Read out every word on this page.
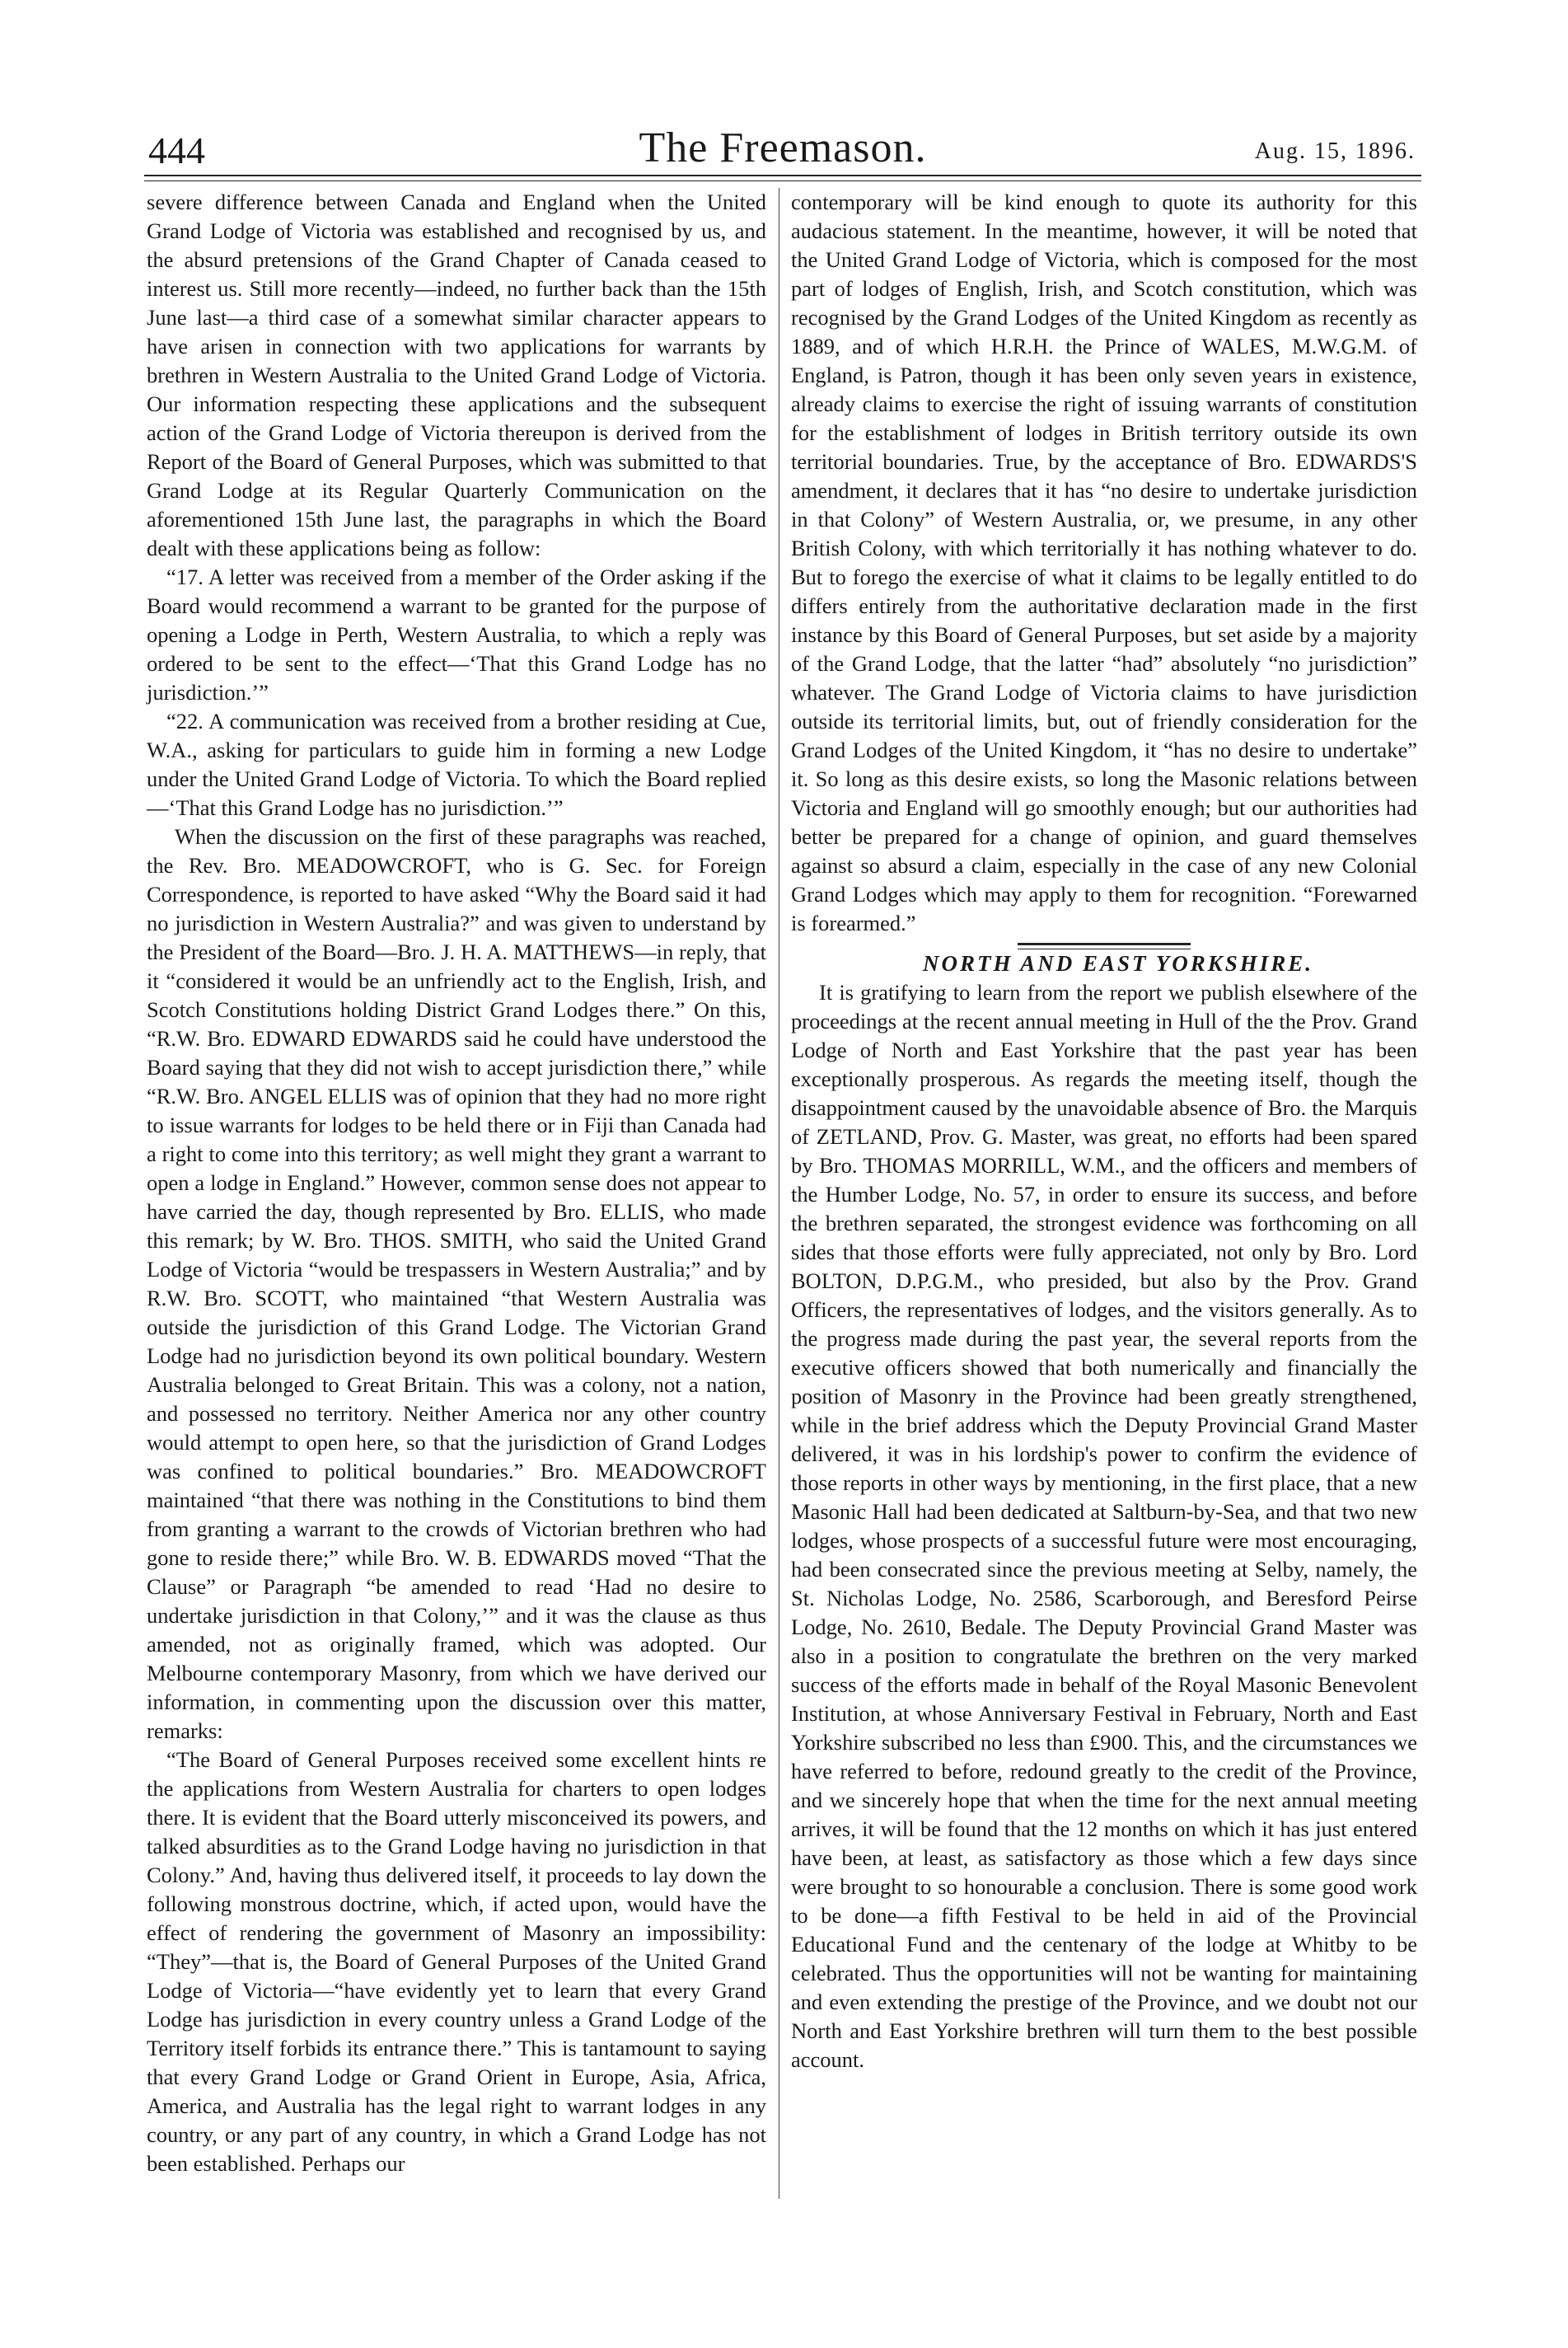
444	The Freemason.	Aug. 15, 1896.

severe difference between Canada and England when the United Grand Lodge of Victoria was established and recognised by us, and the absurd pretensions of the Grand Chapter of Canada ceased to interest us. Still more recently—indeed, no further back than the 15th June last—a third case of a somewhat similar character appears to have arisen in connection with two applications for warrants by brethren in Western Australia to the United Grand Lodge of Victoria. Our information respecting these applications and the subsequent action of the Grand Lodge of Victoria thereupon is derived from the Report of the Board of General Purposes, which was submitted to that Grand Lodge at its Regular Quarterly Communication on the aforementioned 15th June last, the paragraphs in which the Board dealt with these applications being as follow:

“17. A letter was received from a member of the Order asking if the Board would recommend a warrant to be granted for the purpose of opening a Lodge in Perth, Western Australia, to which a reply was ordered to be sent to the effect—‘That this Grand Lodge has no jurisdiction.’”

“22. A communication was received from a brother residing at Cue, W.A., asking for particulars to guide him in forming a new Lodge under the United Grand Lodge of Victoria. To which the Board replied—‘That this Grand Lodge has no jurisdiction.’”

When the discussion on the first of these paragraphs was reached, the Rev. Bro. MEADOWCROFT, who is G. Sec. for Foreign Correspondence, is reported to have asked “Why the Board said it had no jurisdiction in Western Australia?” and was given to understand by the President of the Board—Bro. J. H. A. MATTHEWS—in reply, that it “considered it would be an unfriendly act to the English, Irish, and Scotch Constitutions holding District Grand Lodges there.” On this, “R.W. Bro. EDWARD EDWARDS said he could have understood the Board saying that they did not wish to accept jurisdiction there,” while “R.W. Bro. ANGEL ELLIS was of opinion that they had no more right to issue warrants for lodges to be held there or in Fiji than Canada had a right to come into this territory; as well might they grant a warrant to open a lodge in England.” However, common sense does not appear to have carried the day, though represented by Bro. ELLIS, who made this remark; by W. Bro. THOS. SMITH, who said the United Grand Lodge of Victoria “would be trespassers in Western Australia;” and by R.W. Bro. SCOTT, who maintained “that Western Australia was outside the jurisdiction of this Grand Lodge. The Victorian Grand Lodge had no jurisdiction beyond its own political boundary. Western Australia belonged to Great Britain. This was a colony, not a nation, and possessed no territory. Neither America nor any other country would attempt to open here, so that the jurisdiction of Grand Lodges was confined to political boundaries.” Bro. MEADOWCROFT maintained “that there was nothing in the Constitutions to bind them from granting a warrant to the crowds of Victorian brethren who had gone to reside there;” while Bro. W. B. EDWARDS moved “That the Clause” or Paragraph “be amended to read ‘Had no desire to undertake jurisdiction in that Colony,’” and it was the clause as thus amended, not as originally framed, which was adopted. Our Melbourne contemporary Masonry, from which we have derived our information, in commenting upon the discussion over this matter, remarks:

“The Board of General Purposes received some excellent hints re the applications from Western Australia for charters to open lodges there. It is evident that the Board utterly misconceived its powers, and talked absurdities as to the Grand Lodge having no jurisdiction in that Colony.” And, having thus delivered itself, it proceeds to lay down the following monstrous doctrine, which, if acted upon, would have the effect of rendering the government of Masonry an impossibility: “They”—that is, the Board of General Purposes of the United Grand Lodge of Victoria—“have evidently yet to learn that every Grand Lodge has jurisdiction in every country unless a Grand Lodge of the Territory itself forbids its entrance there.” This is tantamount to saying that every Grand Lodge or Grand Orient in Europe, Asia, Africa, America, and Australia has the legal right to warrant lodges in any country, or any part of any country, in which a Grand Lodge has not been established. Perhaps our

contemporary will be kind enough to quote its authority for this audacious statement. In the meantime, however, it will be noted that the United Grand Lodge of Victoria, which is composed for the most part of lodges of English, Irish, and Scotch constitution, which was recognised by the Grand Lodges of the United Kingdom as recently as 1889, and of which H.R.H. the Prince of WALES, M.W.G.M. of England, is Patron, though it has been only seven years in existence, already claims to exercise the right of issuing warrants of constitution for the establishment of lodges in British territory outside its own territorial boundaries. True, by the acceptance of Bro. EDWARDS'S amendment, it declares that it has “no desire to undertake jurisdiction in that Colony” of Western Australia, or, we presume, in any other British Colony, with which territorially it has nothing whatever to do. But to forego the exercise of what it claims to be legally entitled to do differs entirely from the authoritative declaration made in the first instance by this Board of General Purposes, but set aside by a majority of the Grand Lodge, that the latter “had” absolutely “no jurisdiction” whatever. The Grand Lodge of Victoria claims to have jurisdiction outside its territorial limits, but, out of friendly consideration for the Grand Lodges of the United Kingdom, it “has no desire to undertake” it. So long as this desire exists, so long the Masonic relations between Victoria and England will go smoothly enough; but our authorities had better be prepared for a change of opinion, and guard themselves against so absurd a claim, especially in the case of any new Colonial Grand Lodges which may apply to them for recognition. “Forewarned is forearmed.”

NORTH AND EAST YORKSHIRE.

It is gratifying to learn from the report we publish elsewhere of the proceedings at the recent annual meeting in Hull of the the Prov. Grand Lodge of North and East Yorkshire that the past year has been exceptionally prosperous. As regards the meeting itself, though the disappointment caused by the unavoidable absence of Bro. the Marquis of ZETLAND, Prov. G. Master, was great, no efforts had been spared by Bro. THOMAS MORRILL, W.M., and the officers and members of the Humber Lodge, No. 57, in order to ensure its success, and before the brethren separated, the strongest evidence was forthcoming on all sides that those efforts were fully appreciated, not only by Bro. Lord BOLTON, D.P.G.M., who presided, but also by the Prov. Grand Officers, the representatives of lodges, and the visitors generally. As to the progress made during the past year, the several reports from the executive officers showed that both numerically and financially the position of Masonry in the Province had been greatly strengthened, while in the brief address which the Deputy Provincial Grand Master delivered, it was in his lordship's power to confirm the evidence of those reports in other ways by mentioning, in the first place, that a new Masonic Hall had been dedicated at Saltburn-by-Sea, and that two new lodges, whose prospects of a successful future were most encouraging, had been consecrated since the previous meeting at Selby, namely, the St. Nicholas Lodge, No. 2586, Scarborough, and Beresford Peirse Lodge, No. 2610, Bedale. The Deputy Provincial Grand Master was also in a position to congratulate the brethren on the very marked success of the efforts made in behalf of the Royal Masonic Benevolent Institution, at whose Anniversary Festival in February, North and East Yorkshire subscribed no less than £900. This, and the circumstances we have referred to before, redound greatly to the credit of the Province, and we sincerely hope that when the time for the next annual meeting arrives, it will be found that the 12 months on which it has just entered have been, at least, as satisfactory as those which a few days since were brought to so honourable a conclusion. There is some good work to be done—a fifth Festival to be held in aid of the Provincial Educational Fund and the centenary of the lodge at Whitby to be celebrated. Thus the opportunities will not be wanting for maintaining and even extending the prestige of the Province, and we doubt not our North and East Yorkshire brethren will turn them to the best possible account.
